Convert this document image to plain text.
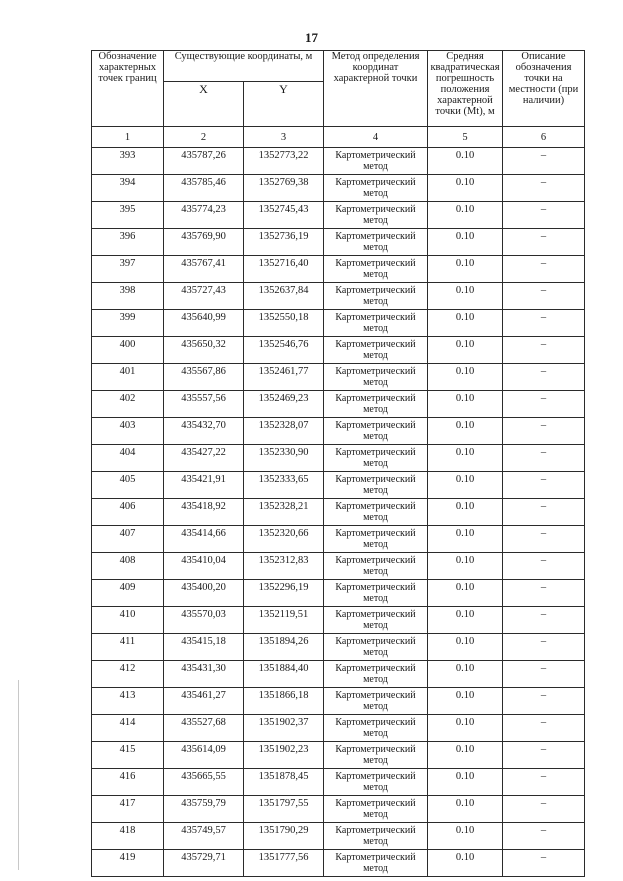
17
Обозначение характерных точек границ	Существующие координаты, м		Метод определения координат характерной точки	Средняя квадратическая погрешность положения характерной точки (Mt), м	Описание обозначения точки на местности (при наличии)
	X	Y			
1	2	3	4	5	6
393	435787,26	1352773,22	Картометрический метод	0.10	–
394	435785,46	1352769,38	Картометрический метод	0.10	–
395	435774,23	1352745,43	Картометрический метод	0.10	–
396	435769,90	1352736,19	Картометрический метод	0.10	–
397	435767,41	1352716,40	Картометрический метод	0.10	–
398	435727,43	1352637,84	Картометрический метод	0.10	–
399	435640,99	1352550,18	Картометрический метод	0.10	–
400	435650,32	1352546,76	Картометрический метод	0.10	–
401	435567,86	1352461,77	Картометрический метод	0.10	–
402	435557,56	1352469,23	Картометрический метод	0.10	–
403	435432,70	1352328,07	Картометрический метод	0.10	–
404	435427,22	1352330,90	Картометрический метод	0.10	–
405	435421,91	1352333,65	Картометрический метод	0.10	–
406	435418,92	1352328,21	Картометрический метод	0.10	–
407	435414,66	1352320,66	Картометрический метод	0.10	–
408	435410,04	1352312,83	Картометрический метод	0.10	–
409	435400,20	1352296,19	Картометрический метод	0.10	–
410	435570,03	1352119,51	Картометрический метод	0.10	–
411	435415,18	1351894,26	Картометрический метод	0.10	–
412	435431,30	1351884,40	Картометрический метод	0.10	–
413	435461,27	1351866,18	Картометрический метод	0.10	–
414	435527,68	1351902,37	Картометрический метод	0.10	–
415	435614,09	1351902,23	Картометрический метод	0.10	–
416	435665,55	1351878,45	Картометрический метод	0.10	–
417	435759,79	1351797,55	Картометрический метод	0.10	–
418	435749,57	1351790,29	Картометрический метод	0.10	–
419	435729,71	1351777,56	Картометрический метод	0.10	–
